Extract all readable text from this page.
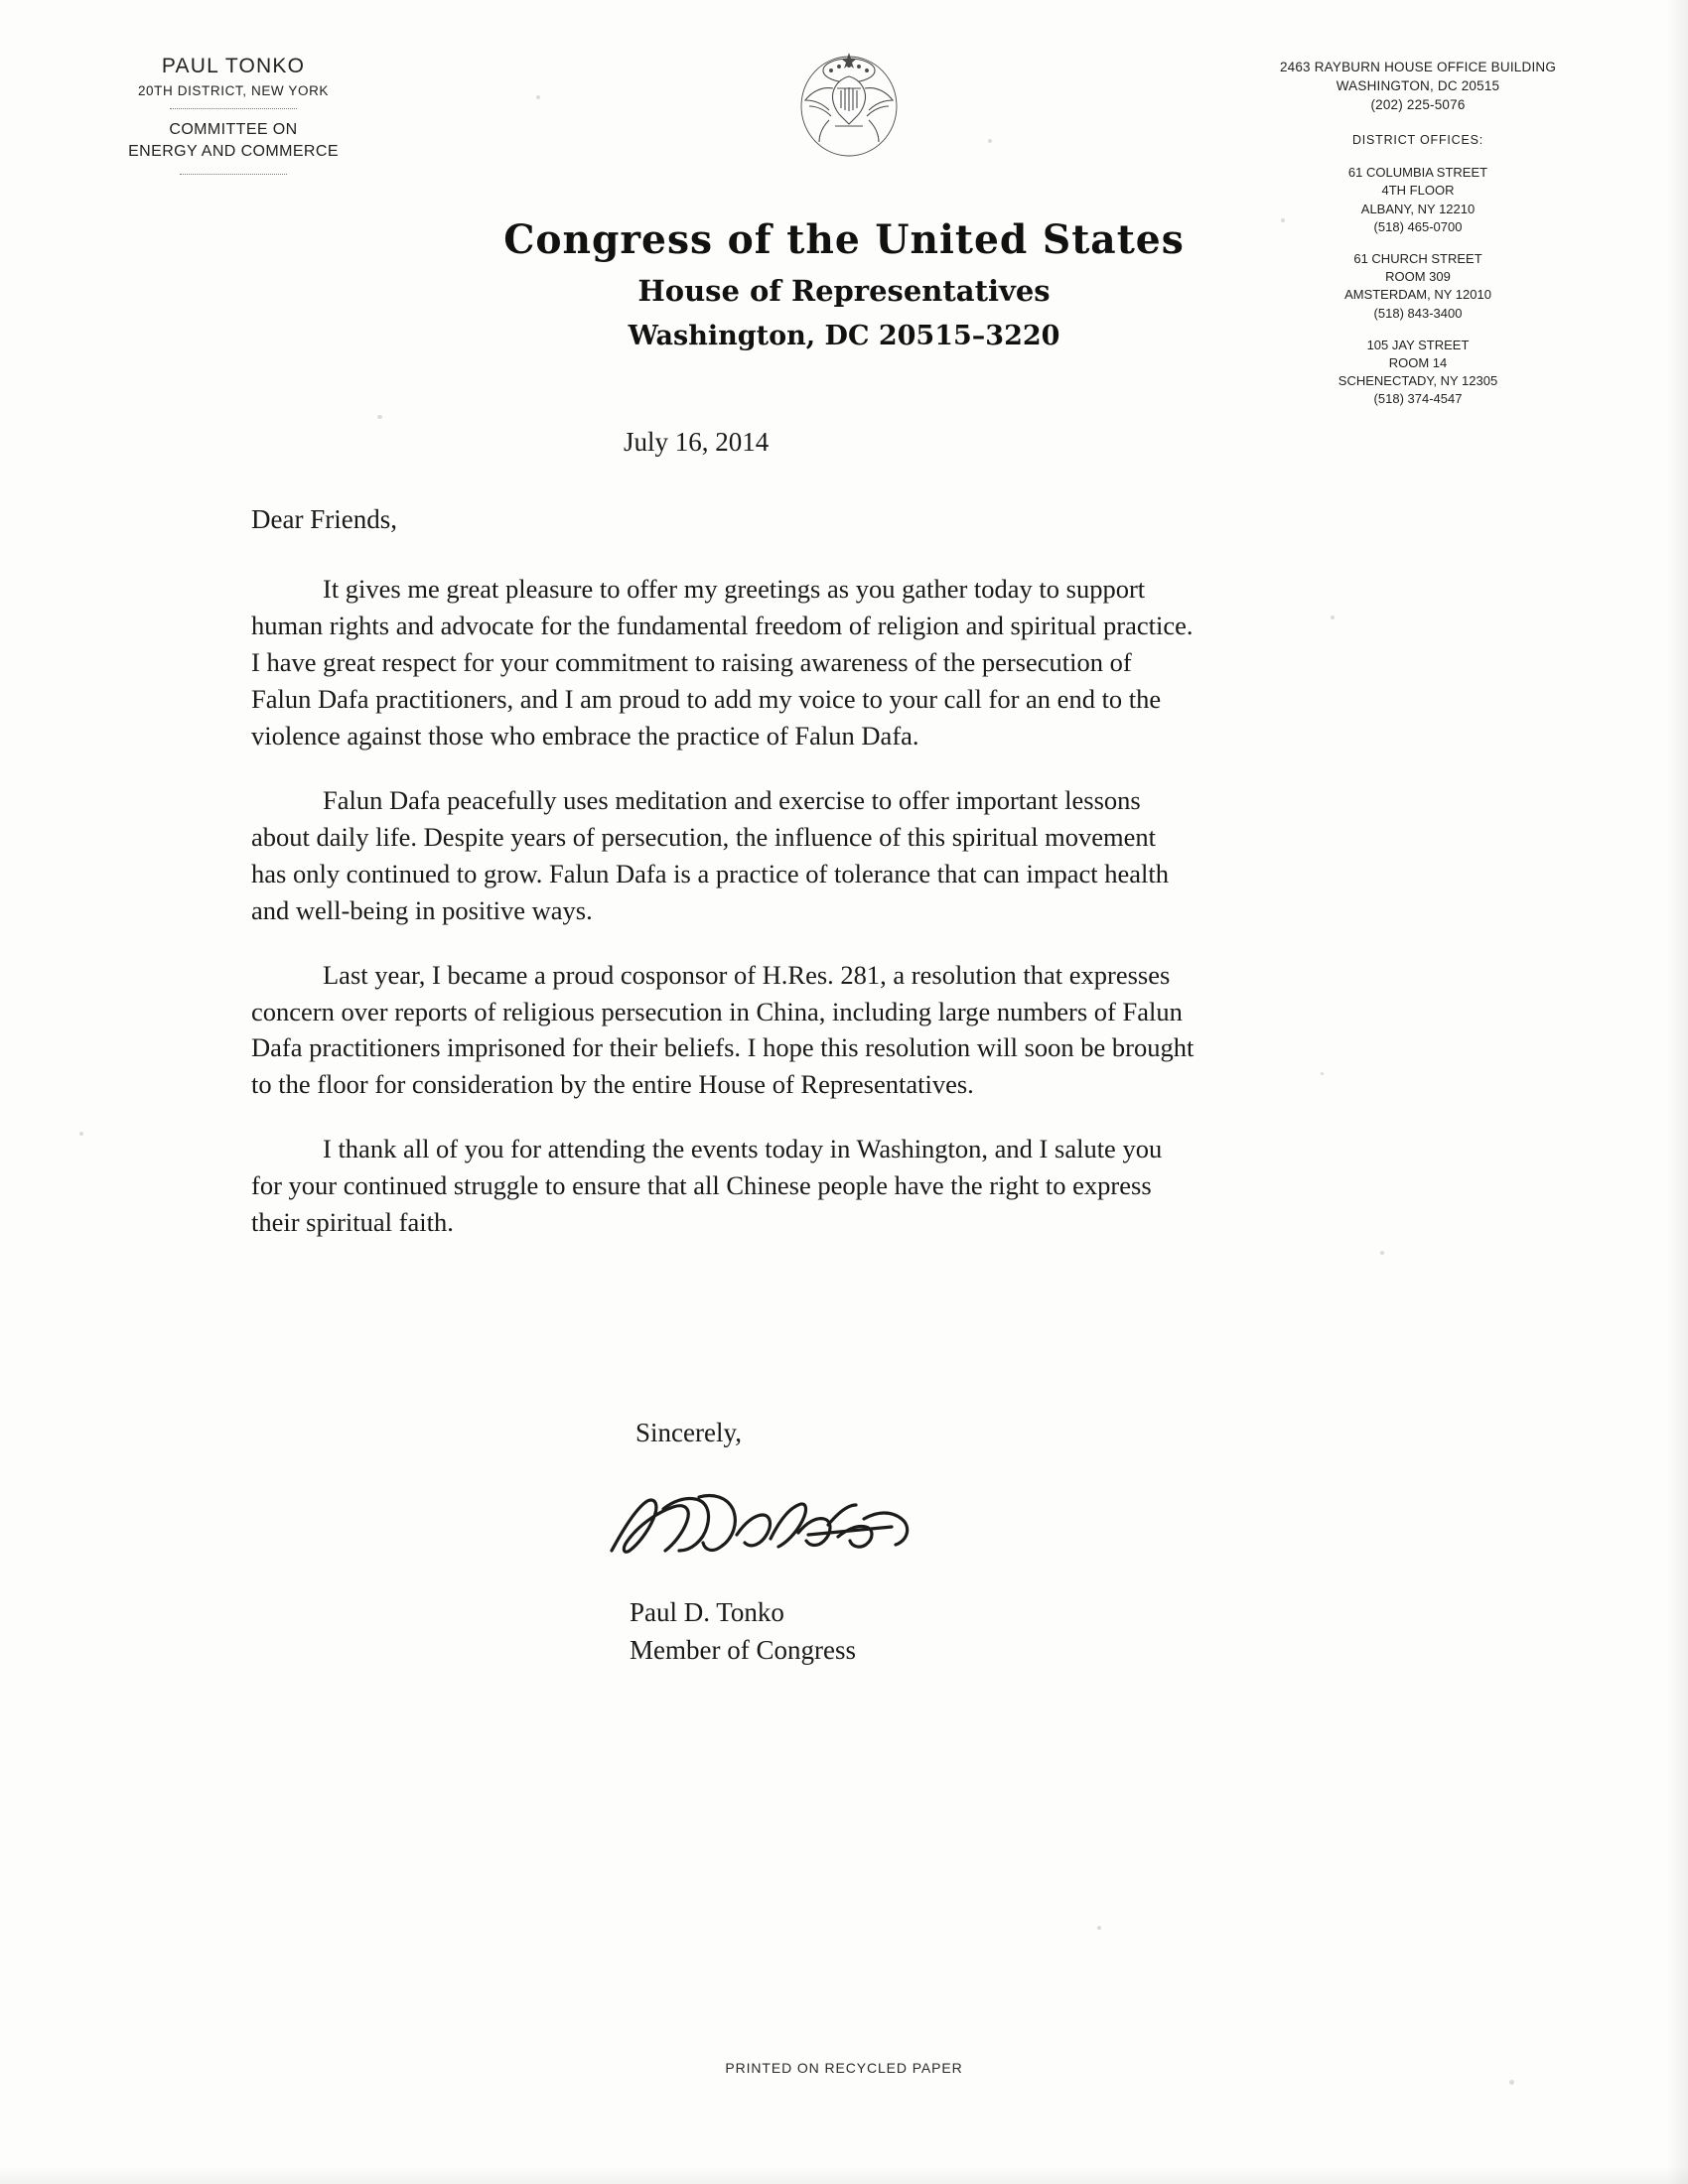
PAUL TONKO
20TH DISTRICT, NEW YORK
COMMITTEE ON
ENERGY AND COMMERCE
2463 RAYBURN HOUSE OFFICE BUILDING
WASHINGTON, DC 20515
(202) 225-5076
DISTRICT OFFICES:
61 COLUMBIA STREET
4TH FLOOR
ALBANY, NY 12210
(518) 465-0700
61 CHURCH STREET
ROOM 309
AMSTERDAM, NY 12010
(518) 843-3400
105 JAY STREET
ROOM 14
SCHENECTADY, NY 12305
(518) 374-4547
Congress of the United States
House of Representatives
Washington, DC 20515–3220
July 16, 2014
Dear Friends,

It gives me great pleasure to offer my greetings as you gather today to support human rights and advocate for the fundamental freedom of religion and spiritual practice. I have great respect for your commitment to raising awareness of the persecution of Falun Dafa practitioners, and I am proud to add my voice to your call for an end to the violence against those who embrace the practice of Falun Dafa.

Falun Dafa peacefully uses meditation and exercise to offer important lessons about daily life. Despite years of persecution, the influence of this spiritual movement has only continued to grow. Falun Dafa is a practice of tolerance that can impact health and well-being in positive ways.

Last year, I became a proud cosponsor of H.Res. 281, a resolution that expresses concern over reports of religious persecution in China, including large numbers of Falun Dafa practitioners imprisoned for their beliefs. I hope this resolution will soon be brought to the floor for consideration by the entire House of Representatives.

I thank all of you for attending the events today in Washington, and I salute you for your continued struggle to ensure that all Chinese people have the right to express their spiritual faith.

Sincerely,
Paul D. Tonko
Member of Congress
PRINTED ON RECYCLED PAPER
